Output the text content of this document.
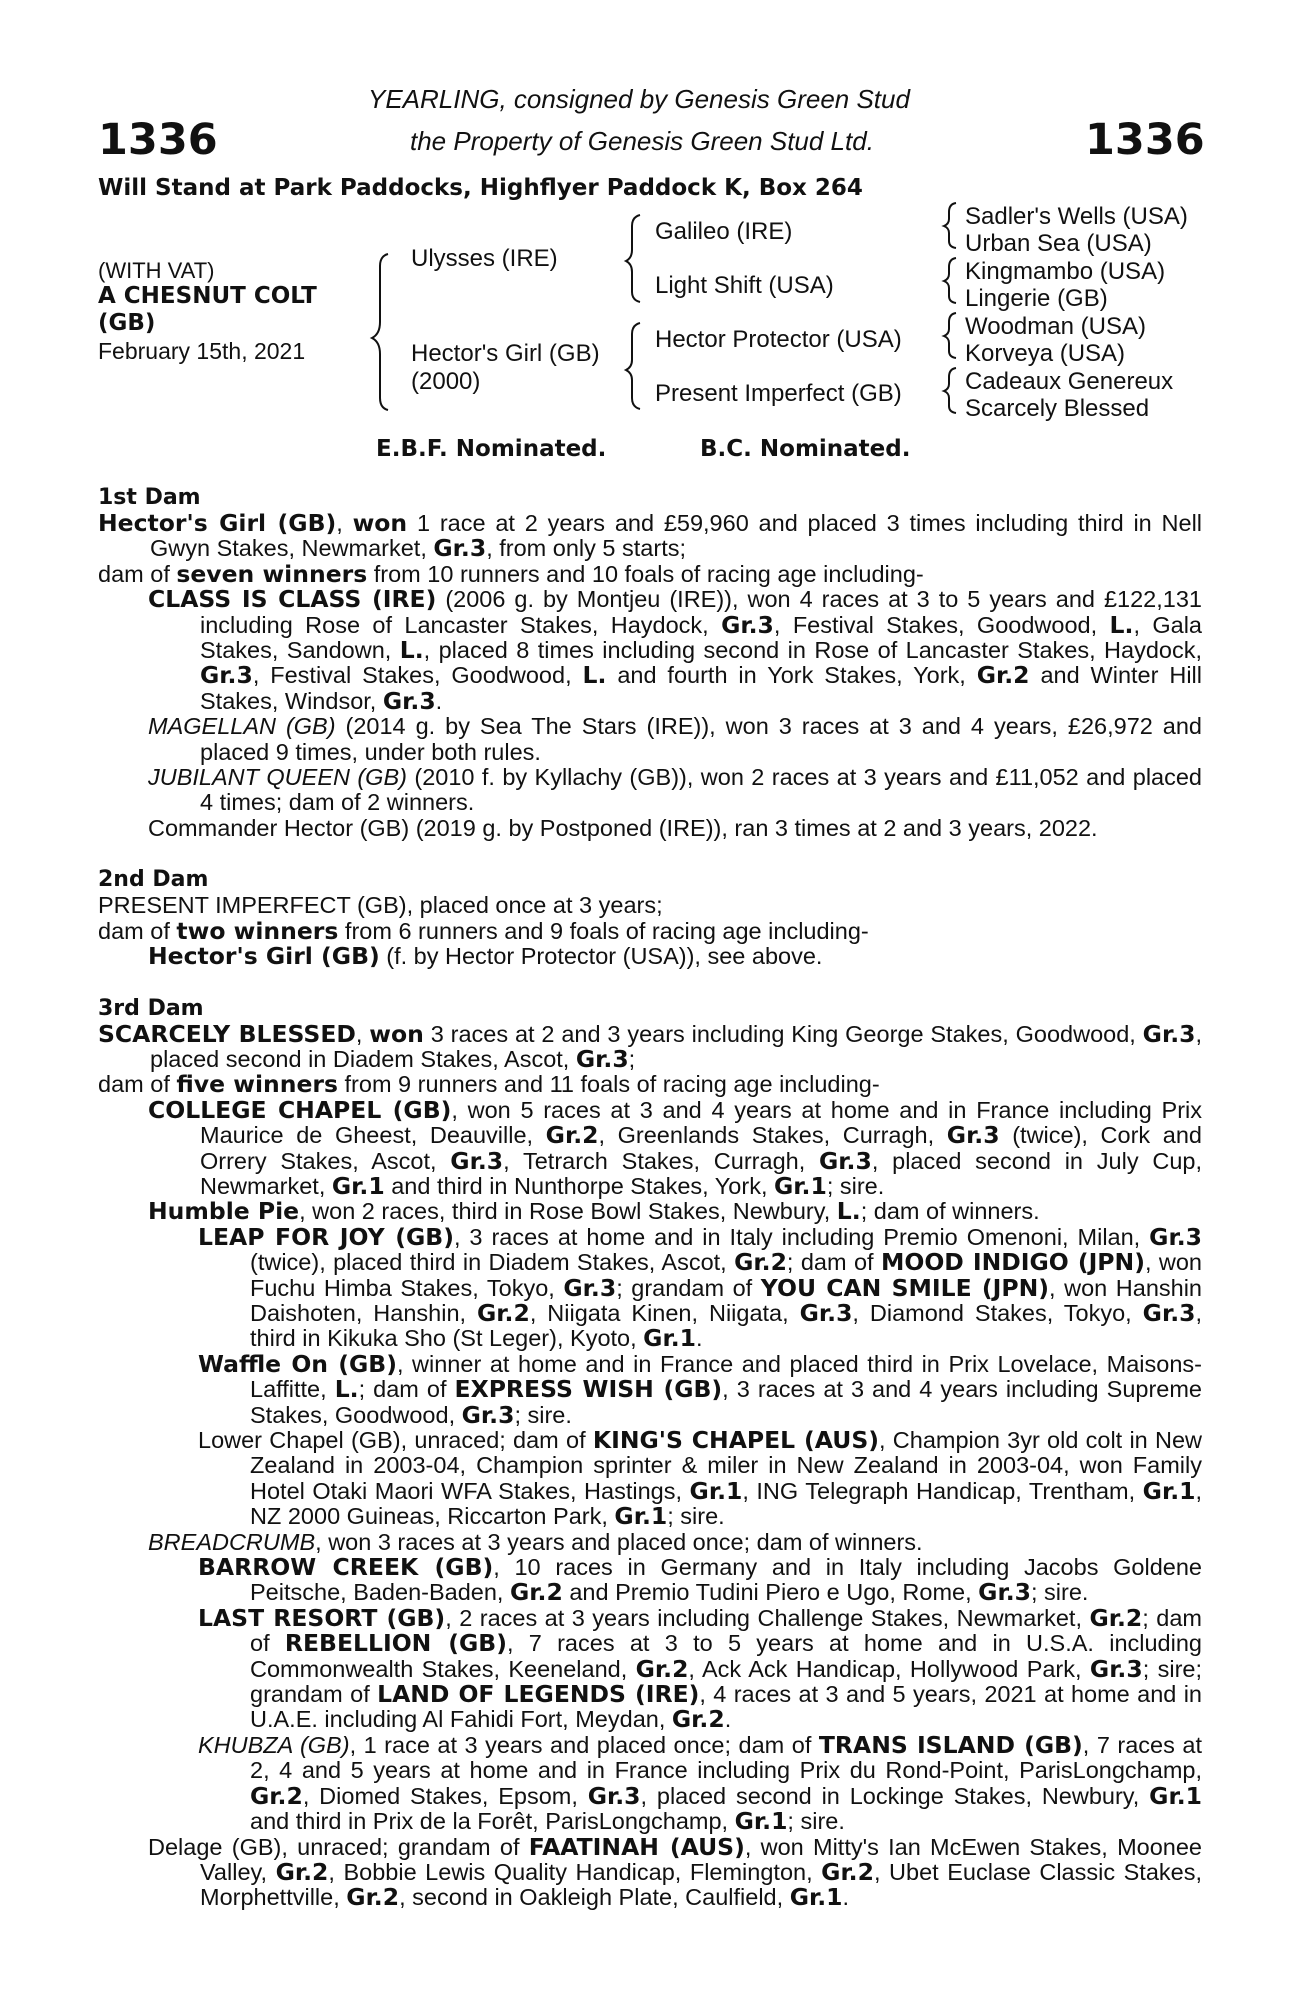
1336	1336
YEARLING, consigned by Genesis Green Stud
the Property of Genesis Green Stud Ltd.
Will Stand at Park Paddocks, Highflyer Paddock K, Box 264
(WITH VAT)
A CHESNUT COLT
(GB)
February 15th, 2021
Ulysses (IRE)
Hector's Girl (GB)
(2000)
Galileo (IRE)
Light Shift (USA)
Hector Protector (USA)
Present Imperfect (GB)
Sadler's Wells (USA)
Urban Sea (USA)
Kingmambo (USA)
Lingerie (GB)
Woodman (USA)
Korveya (USA)
Cadeaux Genereux
Scarcely Blessed
E.B.F. Nominated.	B.C. Nominated.
1st Dam
Hector's Girl (GB), won 1 race at 2 years and £59,960 and placed 3 times including third in Nell Gwyn Stakes, Newmarket, Gr.3, from only 5 starts;
dam of seven winners from 10 runners and 10 foals of racing age including-
CLASS IS CLASS (IRE) (2006 g. by Montjeu (IRE)), won 4 races at 3 to 5 years and £122,131 including Rose of Lancaster Stakes, Haydock, Gr.3, Festival Stakes, Goodwood, L., Gala Stakes, Sandown, L., placed 8 times including second in Rose of Lancaster Stakes, Haydock, Gr.3, Festival Stakes, Goodwood, L. and fourth in York Stakes, York, Gr.2 and Winter Hill Stakes, Windsor, Gr.3.
MAGELLAN (GB) (2014 g. by Sea The Stars (IRE)), won 3 races at 3 and 4 years, £26,972 and placed 9 times, under both rules.
JUBILANT QUEEN (GB) (2010 f. by Kyllachy (GB)), won 2 races at 3 years and £11,052 and placed 4 times; dam of 2 winners.
Commander Hector (GB) (2019 g. by Postponed (IRE)), ran 3 times at 2 and 3 years, 2022.
2nd Dam
PRESENT IMPERFECT (GB), placed once at 3 years;
dam of two winners from 6 runners and 9 foals of racing age including-
Hector's Girl (GB) (f. by Hector Protector (USA)), see above.
3rd Dam
SCARCELY BLESSED, won 3 races at 2 and 3 years including King George Stakes, Goodwood, Gr.3, placed second in Diadem Stakes, Ascot, Gr.3;
dam of five winners from 9 runners and 11 foals of racing age including-
COLLEGE CHAPEL (GB), won 5 races at 3 and 4 years at home and in France including Prix Maurice de Gheest, Deauville, Gr.2, Greenlands Stakes, Curragh, Gr.3 (twice), Cork and Orrery Stakes, Ascot, Gr.3, Tetrarch Stakes, Curragh, Gr.3, placed second in July Cup, Newmarket, Gr.1 and third in Nunthorpe Stakes, York, Gr.1; sire.
Humble Pie, won 2 races, third in Rose Bowl Stakes, Newbury, L.; dam of winners.
LEAP FOR JOY (GB), 3 races at home and in Italy including Premio Omenoni, Milan, Gr.3 (twice), placed third in Diadem Stakes, Ascot, Gr.2; dam of MOOD INDIGO (JPN), won Fuchu Himba Stakes, Tokyo, Gr.3; grandam of YOU CAN SMILE (JPN), won Hanshin Daishoten, Hanshin, Gr.2, Niigata Kinen, Niigata, Gr.3, Diamond Stakes, Tokyo, Gr.3, third in Kikuka Sho (St Leger), Kyoto, Gr.1.
Waffle On (GB), winner at home and in France and placed third in Prix Lovelace, Maisons-Laffitte, L.; dam of EXPRESS WISH (GB), 3 races at 3 and 4 years including Supreme Stakes, Goodwood, Gr.3; sire.
Lower Chapel (GB), unraced; dam of KING'S CHAPEL (AUS), Champion 3yr old colt in New Zealand in 2003-04, Champion sprinter & miler in New Zealand in 2003-04, won Family Hotel Otaki Maori WFA Stakes, Hastings, Gr.1, ING Telegraph Handicap, Trentham, Gr.1, NZ 2000 Guineas, Riccarton Park, Gr.1; sire.
BREADCRUMB, won 3 races at 3 years and placed once; dam of winners.
BARROW CREEK (GB), 10 races in Germany and in Italy including Jacobs Goldene Peitsche, Baden-Baden, Gr.2 and Premio Tudini Piero e Ugo, Rome, Gr.3; sire.
LAST RESORT (GB), 2 races at 3 years including Challenge Stakes, Newmarket, Gr.2; dam of REBELLION (GB), 7 races at 3 to 5 years at home and in U.S.A. including Commonwealth Stakes, Keeneland, Gr.2, Ack Ack Handicap, Hollywood Park, Gr.3; sire; grandam of LAND OF LEGENDS (IRE), 4 races at 3 and 5 years, 2021 at home and in U.A.E. including Al Fahidi Fort, Meydan, Gr.2.
KHUBZA (GB), 1 race at 3 years and placed once; dam of TRANS ISLAND (GB), 7 races at 2, 4 and 5 years at home and in France including Prix du Rond-Point, ParisLongchamp, Gr.2, Diomed Stakes, Epsom, Gr.3, placed second in Lockinge Stakes, Newbury, Gr.1 and third in Prix de la Forêt, ParisLongchamp, Gr.1; sire.
Delage (GB), unraced; grandam of FAATINAH (AUS), won Mitty's Ian McEwen Stakes, Moonee Valley, Gr.2, Bobbie Lewis Quality Handicap, Flemington, Gr.2, Ubet Euclase Classic Stakes, Morphettville, Gr.2, second in Oakleigh Plate, Caulfield, Gr.1.
